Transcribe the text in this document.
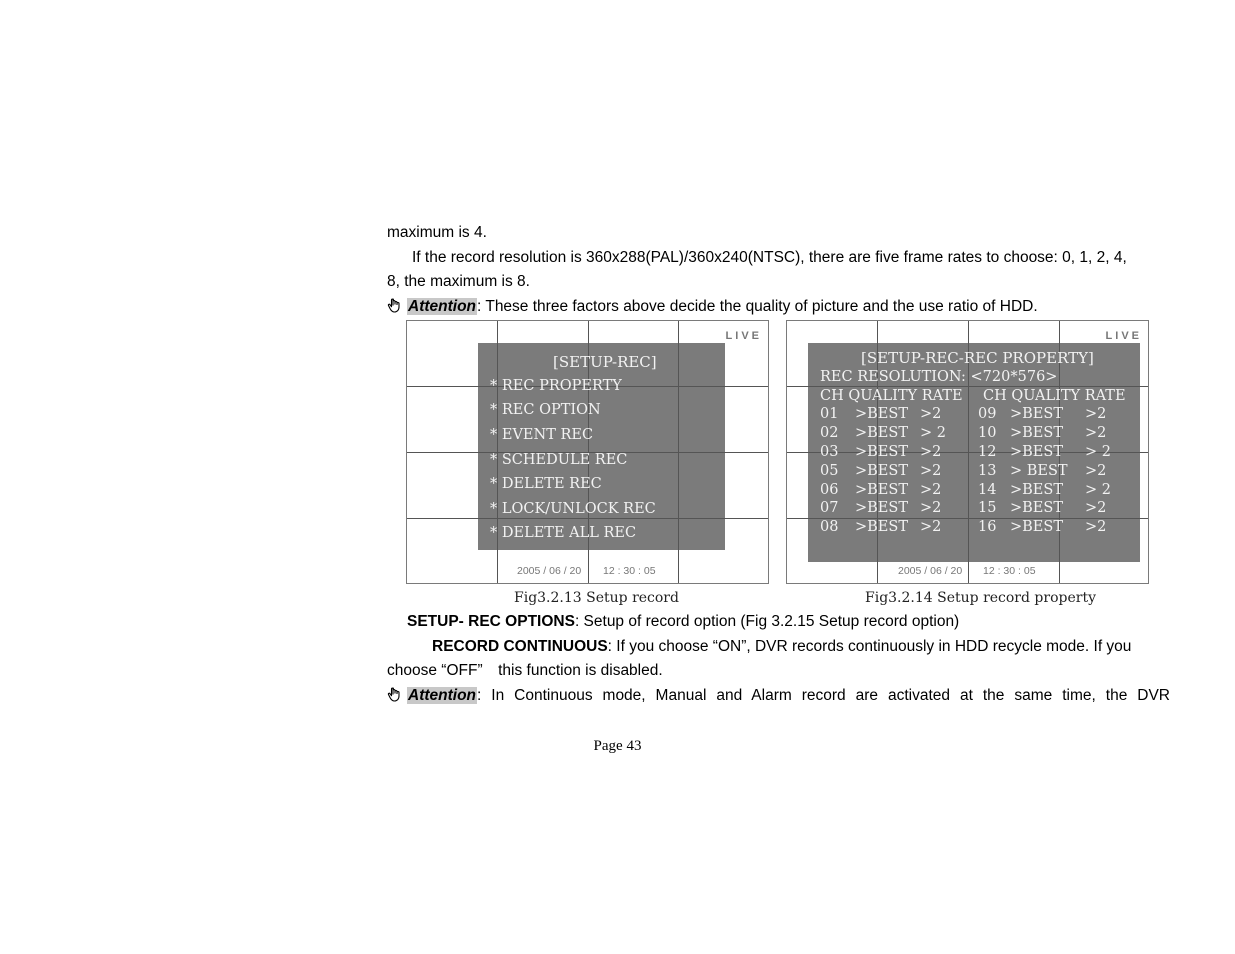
maximum is 4.
If the record resolution is 360x288(PAL)/360x240(NTSC), there are five frame rates to choose: 0, 1, 2, 4,
8, the maximum is 8.
Attention: These three factors above decide the quality of picture and the use ratio of HDD.
LIVE
[SETUP-REC]
* REC PROPERTY
* REC OPTION
* EVENT REC
* SCHEDULE REC
* DELETE REC
* LOCK/UNLOCK REC
* DELETE ALL REC
2005 / 06 / 20 12 : 30 : 05
Fig3.2.13 Setup record
LIVE
[SETUP-REC-REC PROPERTY]
REC RESOLUTION: <720*576>
CH QUALITY RATE CH QUALITY RATE
01	>BEST	>2	09	>BEST	>2
02	>BEST	> 2	10	>BEST	>2
03	>BEST	>2	12	>BEST	> 2
05	>BEST	>2	13	> BEST	>2
06	>BEST	>2	14	>BEST	> 2
07	>BEST	>2	15	>BEST	>2
08	>BEST	>2	16	>BEST	>2
2005 / 06 / 20 12 : 30 : 05
Fig3.2.14 Setup record property
SETUP- REC OPTIONS: Setup of record option (Fig 3.2.15 Setup record option)
RECORD CONTINUOUS: If you choose “ON”, DVR records continuously in HDD recycle mode. If you
choose “OFF”　this function is disabled.
Attention: In Continuous mode, Manual and Alarm record are activated at the same time, the DVR
Page 43
